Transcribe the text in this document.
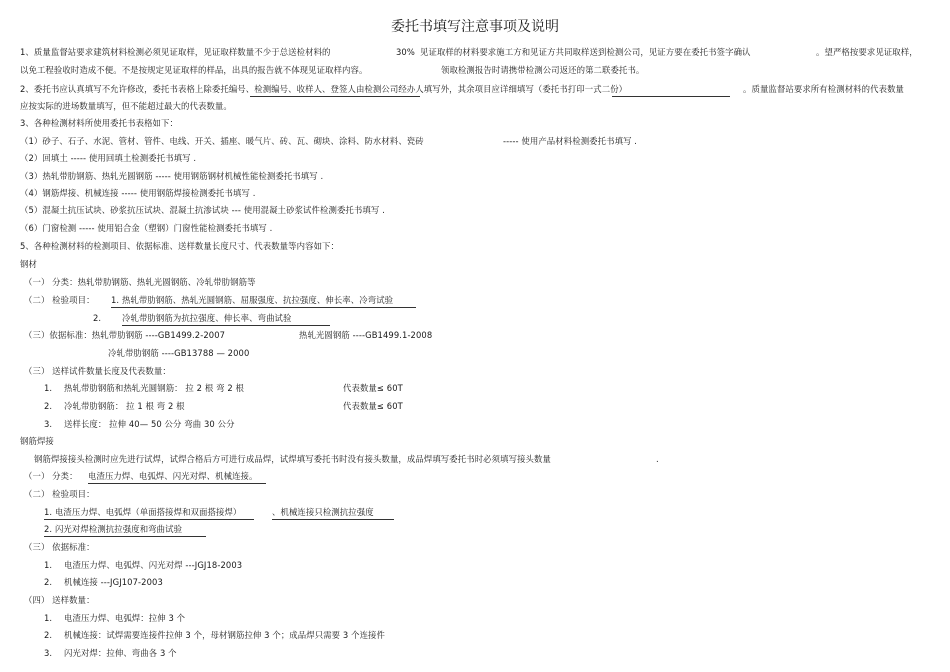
委托书填写注意事项及说明
1、质量监督站要求建筑材料检测必须见证取样，见证取样数量不少于总送检材料的	30% 见证取样的材料要求施工方和见证方共同取样送到检测公司，见证方要在委托书签字确认	。望严格按要求见证取样，
以免工程验收时造成不便。不是按规定见证取样的样品，出具的报告就不体现见证取样内容。	领取检测报告时请携带检测公司返还的第二联委托书。
2、委托书应认真填写不允许修改，委托书表格上除委托编号、检测编号、收样人、登签人由检测公司经办人填写外，其余项目应详细填写（委托书打印一式二份）	。质量监督站要求所有检测材料的代表数量
应按实际的进场数量填写，但不能超过最大的代表数量。
3、各种检测材料所使用委托书表格如下：
（1）砂子、石子、水泥、管材、管件、电线、开关、插座、暖气片、砖、瓦、砌块、涂料、防水材料、瓷砖	----- 使用产品材料检测委托书填写 .
（2）回填土 ----- 使用回填土检测委托书填写 .
（3）热轧带肋钢筋、热轧光圆钢筋 ----- 使用钢筋钢材机械性能检测委托书填写 .
（4）钢筋焊接、机械连接 ----- 使用钢筋焊接检测委托书填写 .
（5）混凝土抗压试块、砂浆抗压试块、混凝土抗渗试块 --- 使用混凝土砂浆试件检测委托书填写 .
（6）门窗检测 ----- 使用铝合金（塑钢）门窗性能检测委托书填写 .
5、各种检测材料的检测项目、依据标准、送样数量长度尺寸、代表数量等内容如下：
钢材
（一） 分类：热轧带肋钢筋、热轧光圆钢筋、冷轧带肋钢筋等
（二） 检验项目： 1. 热轧带肋钢筋、热轧光圆钢筋、屈服强度、抗拉强度、伸长率、冷弯试验
2. 冷轧带肋钢筋为抗拉强度、伸长率、弯曲试验
（三）依据标准：热轧带肋钢筋 ----GB1499.2-2007	热轧光圆钢筋 ----GB1499.1-2008
冷轧带肋钢筋 ----GB13788 — 2000
（三） 送样试件数量长度及代表数量：
1. 热轧带肋钢筋和热轧光圆钢筋： 拉 2 根 弯 2 根	代表数量≤ 60T
2. 冷轧带肋钢筋： 拉 1 根 弯 2 根	代表数量≤ 60T
3. 送样长度： 拉伸 40— 50 公分 弯曲 30 公分
钢筋焊接
钢筋焊接接头检测时应先进行试焊，试焊合格后方可进行成品焊，试焊填写委托书时没有接头数量，成品焊填写委托书时必须填写接头数量	.
（一） 分类： 电渣压力焊、电弧焊、闪光对焊、机械连接。
（二） 检验项目：
1. 电渣压力焊、电弧焊（单面搭接焊和双面搭接焊）	、机械连接只检测抗拉强度
2. 闪光对焊检测抗拉强度和弯曲试验
（三） 依据标准：
1. 电渣压力焊、电弧焊、闪光对焊 ---JGJ18-2003
2. 机械连接 ---JGJ107-2003
（四） 送样数量：
1. 电渣压力焊、电弧焊：拉伸 3 个
2. 机械连接：试焊需要连接件拉伸 3 个，母材钢筋拉伸 3 个；成品焊只需要 3 个连接件
3. 闪光对焊：拉伸、弯曲各 3 个
